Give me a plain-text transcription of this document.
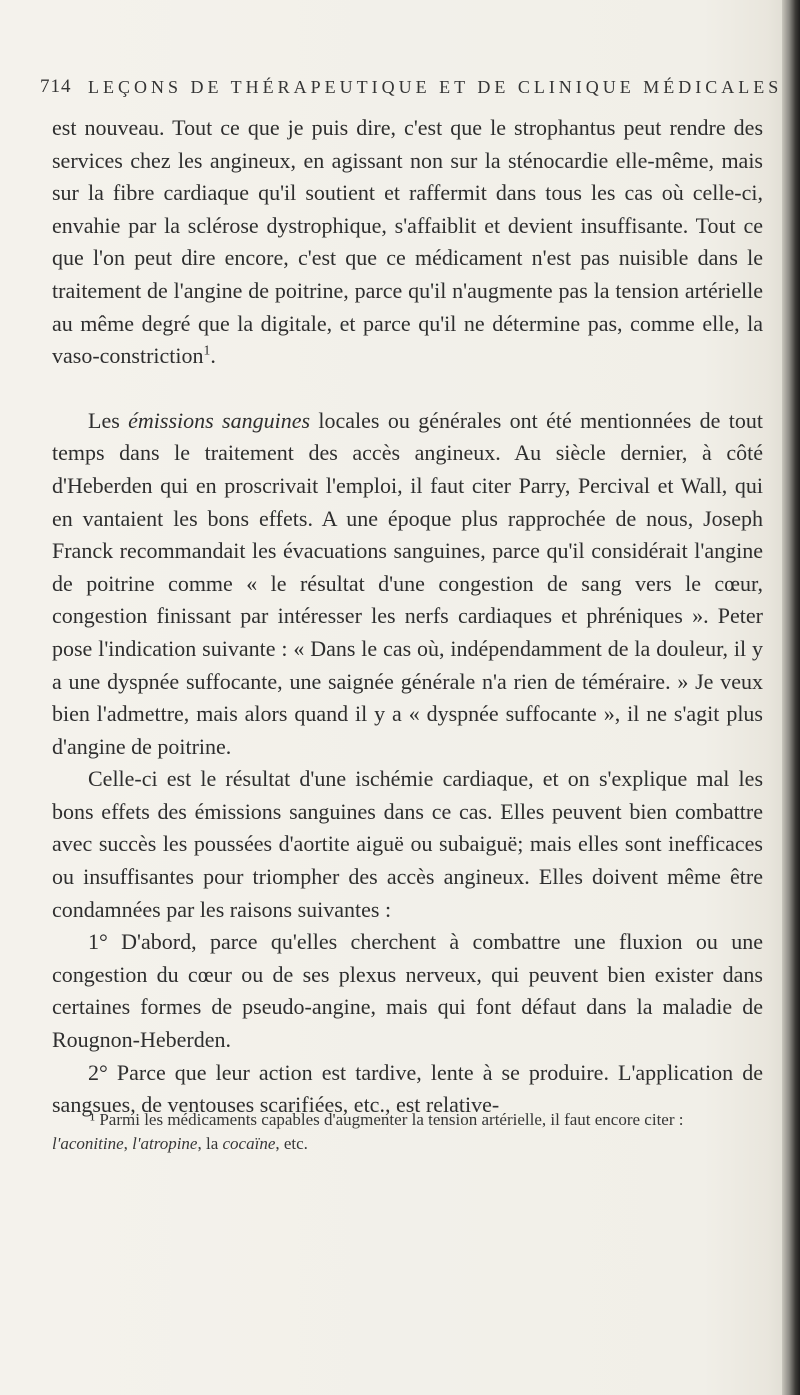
714 LEÇONS DE THÉRAPEUTIQUE ET DE CLINIQUE MÉDICALES

est nouveau. Tout ce que je puis dire, c'est que le strophantus peut rendre des services chez les angineux, en agissant non sur la sténocardie elle-même, mais sur la fibre cardiaque qu'il soutient et raffermit dans tous les cas où celle-ci, envahie par la sclérose dystrophique, s'affaiblit et devient insuffisante. Tout ce que l'on peut dire encore, c'est que ce médicament n'est pas nuisible dans le traitement de l'angine de poitrine, parce qu'il n'augmente pas la tension artérielle au même degré que la digitale, et parce qu'il ne détermine pas, comme elle, la vaso-constriction$^1$.

Les émissions sanguines locales ou générales ont été mentionnées de tout temps dans le traitement des accès angineux. Au siècle dernier, à côté d'Heberden qui en proscrivait l'emploi, il faut citer Parry, Percival et Wall, qui en vantaient les bons effets. A une époque plus rapprochée de nous, Joseph Franck recommandait les évacuations sanguines, parce qu'il considérait l'angine de poitrine comme « le résultat d'une congestion de sang vers le cœur, congestion finissant par intéresser les nerfs cardiaques et phréniques ». Peter pose l'indication suivante : « Dans le cas où, indépendamment de la douleur, il y a une dyspnée suffocante, une saignée générale n'a rien de téméraire. » Je veux bien l'admettre, mais alors quand il y a « dyspnée suffocante », il ne s'agit plus d'angine de poitrine.

Celle-ci est le résultat d'une ischémie cardiaque, et on s'explique mal les bons effets des émissions sanguines dans ce cas. Elles peuvent bien combattre avec succès les poussées d'aortite aiguë ou subaiguë; mais elles sont inefficaces ou insuffisantes pour triompher des accès angineux. Elles doivent même être condamnées par les raisons suivantes :

1° D'abord, parce qu'elles cherchent à combattre une fluxion ou une congestion du cœur ou de ses plexus nerveux, qui peuvent bien exister dans certaines formes de pseudo-angine, mais qui font défaut dans la maladie de Rougnon-Heberden.

2° Parce que leur action est tardive, lente à se produire. L'application de sangsues, de ventouses scarifiées, etc., est relative-

¹ Parmi les médicaments capables d'augmenter la tension artérielle, il faut encore citer : l'aconitine, l'atropine, la cocaïne, etc.
